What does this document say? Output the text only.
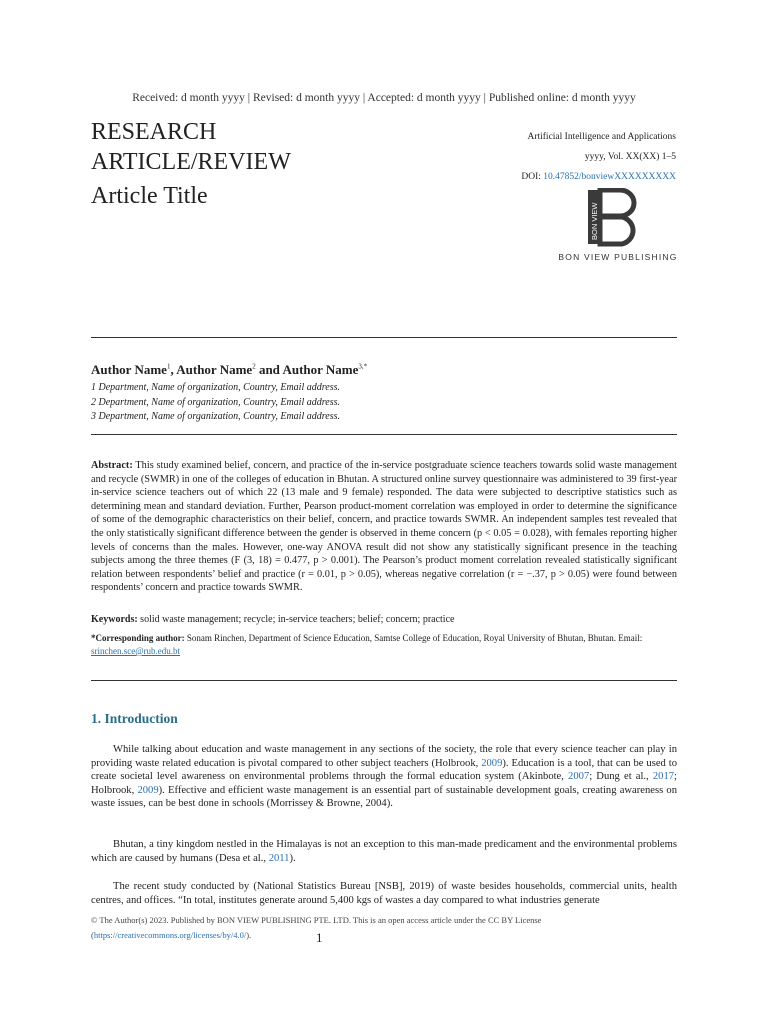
Received: d month yyyy | Revised: d month yyyy | Accepted: d month yyyy | Published online: d month yyyy
RESEARCH
ARTICLE/REVIEW
Article Title
Artificial Intelligence and Applications
yyyy, Vol. XX(XX) 1–5
DOI: 10.47852/bonviewXXXXXXXXX
BON VIEW
BON VIEW PUBLISHING
Author Name$^1$, Author Name$^2$ and Author Name$^{3,*}$
1 Department, Name of organization, Country, Email address.
2 Department, Name of organization, Country, Email address.
3 Department, Name of organization, Country, Email address.
Abstract: This study examined belief, concern, and practice of the in-service postgraduate science teachers towards solid waste management and recycle (SWMR) in one of the colleges of education in Bhutan. A structured online survey questionnaire was administered to 39 first-year in-service science teachers out of which 22 (13 male and 9 female) responded. The data were subjected to descriptive statistics such as determining mean and standard deviation. Further, Pearson product-moment correlation was employed in order to determine the significance of some of the demographic characteristics on their belief, concern, and practice towards SWMR. An independent samples test revealed that the only statistically significant difference between the gender is observed in theme concern (p < 0.05 = 0.028), with females reporting higher levels of concerns than the males. However, one-way ANOVA result did not show any statistically significant presence in the teaching subjects among the three themes (F (3, 18) = 0.477, p > 0.001). The Pearson’s product moment correlation revealed statistically significant relation between respondents’ belief and practice (r = 0.01, p > 0.05), whereas negative correlation (r = −.37, p > 0.05) were found between respondents’ concern and practice towards SWMR.
Keywords: solid waste management; recycle; in-service teachers; belief; concern; practice
*Corresponding author: Sonam Rinchen, Department of Science Education, Samtse College of Education, Royal University of Bhutan, Bhutan. Email: srinchen.sce@rub.edu.bt
1. Introduction
While talking about education and waste management in any sections of the society, the role that every science teacher can play in providing waste related education is pivotal compared to other subject teachers (Holbrook, 2009). Education is a tool, that can be used to create societal level awareness on environmental problems through the formal education system (Akinbote, 2007; Dung et al., 2017; Holbrook, 2009). Effective and efficient waste management is an essential part of sustainable development goals, creating awareness on waste issues, can be best done in schools (Morrissey & Browne, 2004).
Bhutan, a tiny kingdom nestled in the Himalayas is not an exception to this man-made predicament and the environmental problems which are caused by humans (Desa et al., 2011).
The recent study conducted by (National Statistics Bureau [NSB], 2019) of waste besides households, commercial units, health centres, and offices. “In total, institutes generate around 5,400 kgs of wastes a day compared to what industries generate
© The Author(s) 2023. Published by BON VIEW PUBLISHING PTE. LTD. This is an open access article under the CC BY License
(https://creativecommons.org/licenses/by/4.0/).	1
